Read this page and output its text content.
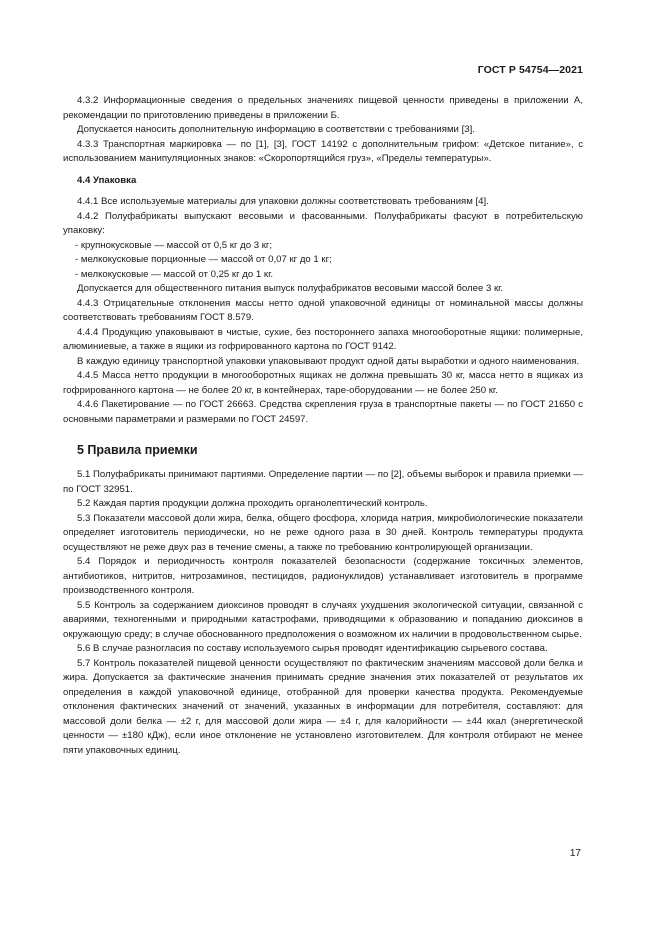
ГОСТ Р 54754—2021

4.3.2 Информационные сведения о предельных значениях пищевой ценности приведены в приложении А, рекомендации по приготовлению приведены в приложении Б.

Допускается наносить дополнительную информацию в соответствии с требованиями [3].

4.3.3 Транспортная маркировка — по [1], [3], ГОСТ 14192 с дополнительным грифом: «Детское питание», с использованием манипуляционных знаков: «Скоропортящийся груз», «Пределы температуры».

4.4 Упаковка

4.4.1 Все используемые материалы для упаковки должны соответствовать требованиям [4].

4.4.2 Полуфабрикаты выпускают весовыми и фасованными. Полуфабрикаты фасуют в потребительскую упаковку:

- крупнокусковые — массой от 0,5 кг до 3 кг;

- мелкокусковые порционные — массой от 0,07 кг до 1 кг;

- мелкокусковые — массой от 0,25 кг до 1 кг.

Допускается для общественного питания выпуск полуфабрикатов весовыми массой более 3 кг.

4.4.3 Отрицательные отклонения массы нетто одной упаковочной единицы от номинальной массы должны соответствовать требованиям ГОСТ 8.579.

4.4.4 Продукцию упаковывают в чистые, сухие, без постороннего запаха многооборотные ящики: полимерные, алюминиевые, а также в ящики из гофрированного картона по ГОСТ 9142.

В каждую единицу транспортной упаковки упаковывают продукт одной даты выработки и одного наименования.

4.4.5 Масса нетто продукции в многооборотных ящиках не должна превышать 30 кг, масса нетто в ящиках из гофрированного картона — не более 20 кг, в контейнерах, таре-оборудовании — не более 250 кг.

4.4.6 Пакетирование — по ГОСТ 26663. Средства скрепления груза в транспортные пакеты — по ГОСТ 21650 с основными параметрами и размерами по ГОСТ 24597.

5 Правила приемки

5.1 Полуфабрикаты принимают партиями. Определение партии — по [2], объемы выборок и правила приемки — по ГОСТ 32951.

5.2 Каждая партия продукции должна проходить органолептический контроль.

5.3 Показатели массовой доли жира, белка, общего фосфора, хлорида натрия, микробиологические показатели определяет изготовитель периодически, но не реже одного раза в 30 дней. Контроль температуры продукта осуществляют не реже двух раз в течение смены, а также по требованию контролирующей организации.

5.4 Порядок и периодичность контроля показателей безопасности (содержание токсичных элементов, антибиотиков, нитритов, нитрозаминов, пестицидов, радионуклидов) устанавливает изготовитель в программе производственного контроля.

5.5 Контроль за содержанием диоксинов проводят в случаях ухудшения экологической ситуации, связанной с авариями, техногенными и природными катастрофами, приводящими к образованию и попаданию диоксинов в окружающую среду; в случае обоснованного предположения о возможном их наличии в продовольственном сырье.

5.6 В случае разногласия по составу используемого сырья проводят идентификацию сырьевого состава.

5.7 Контроль показателей пищевой ценности осуществляют по фактическим значениям массовой доли белка и жира. Допускается за фактические значения принимать средние значения этих показателей от результатов их определения в каждой упаковочной единице, отобранной для проверки качества продукта. Рекомендуемые отклонения фактических значений от значений, указанных в информации для потребителя, составляют: для массовой доли белка — ±2 г, для массовой доли жира — ±4 г, для калорийности — ±44 ккал (энергетической ценности — ±180 кДж), если иное отклонение не установлено изготовителем. Для контроля отбирают не менее пяти упаковочных единиц.

17
